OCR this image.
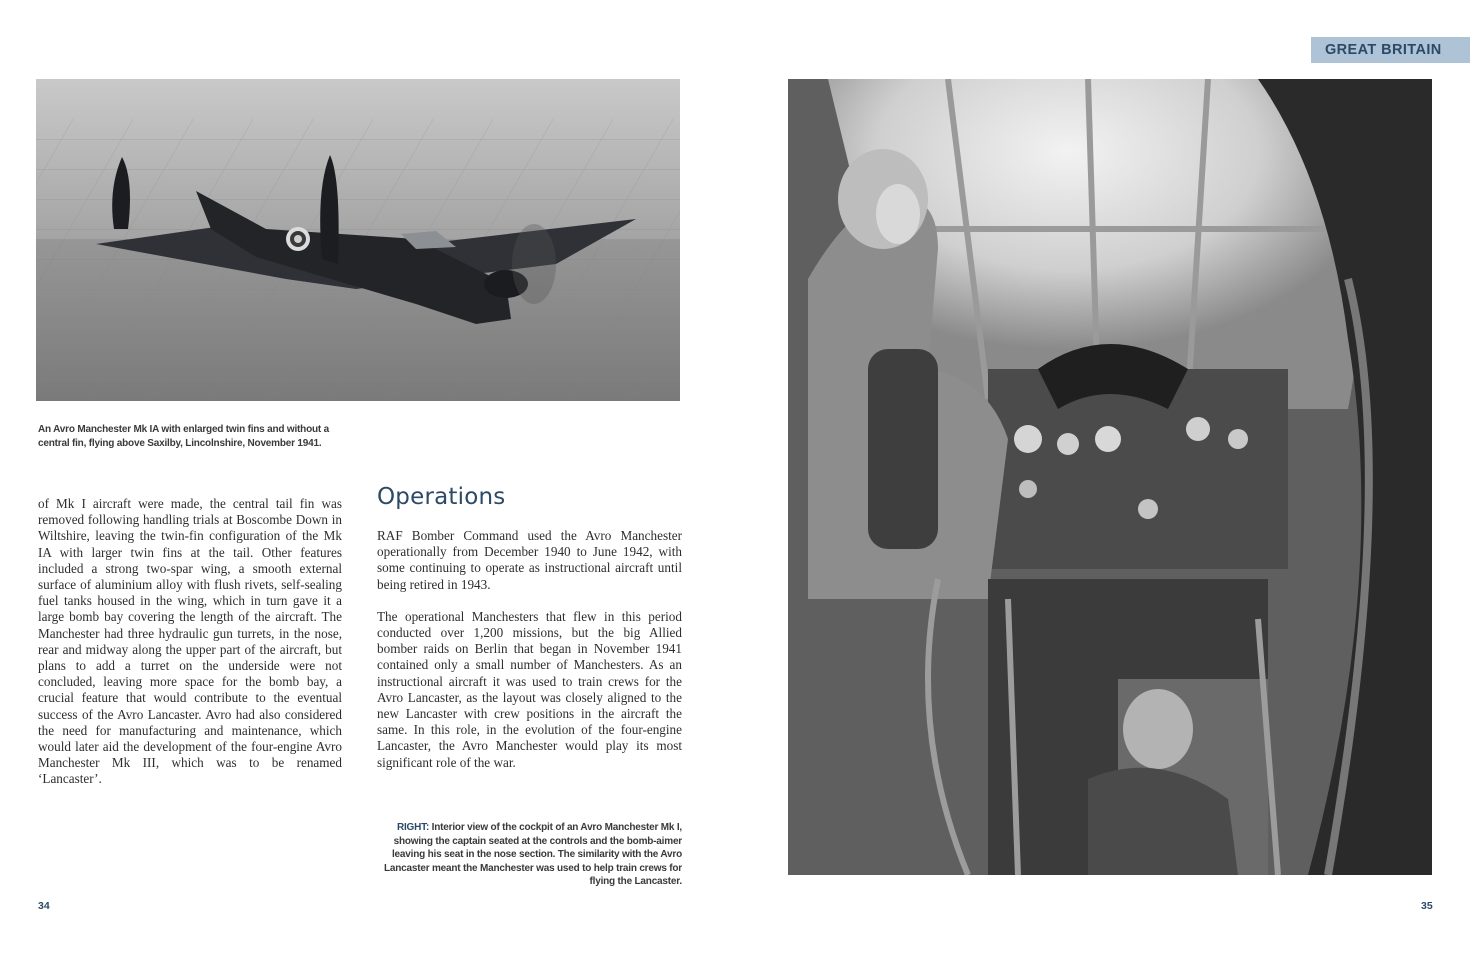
GREAT BRITAIN
An Avro Manchester Mk IA with enlarged twin fins and without a central fin, flying above Saxilby, Lincolnshire, November 1941.

of Mk I aircraft were made, the central tail fin was removed following handling trials at Boscombe Down in Wiltshire, leaving the twin-fin configuration of the Mk IA with larger twin fins at the tail. Other features included a strong two-spar wing, a smooth external surface of aluminium alloy with flush rivets, self-sealing fuel tanks housed in the wing, which in turn gave it a large bomb bay covering the length of the aircraft. The Manchester had three hydraulic gun turrets, in the nose, rear and midway along the upper part of the aircraft, but plans to add a turret on the underside were not concluded, leaving more space for the bomb bay, a crucial feature that would contribute to the eventual success of the Avro Lancaster. Avro had also considered the need for manufacturing and maintenance, which would later aid the development of the four-engine Avro Manchester Mk III, which was to be renamed ‘Lancaster’.

Operations

RAF Bomber Command used the Avro Manchester operationally from December 1940 to June 1942, with some continuing to operate as instructional aircraft until being retired in 1943.

The operational Manchesters that flew in this period conducted over 1,200 missions, but the big Allied bomber raids on Berlin that began in November 1941 contained only a small number of Manchesters. As an instructional aircraft it was used to train crews for the Avro Lancaster, as the layout was closely aligned to the new Lancaster with crew positions in the aircraft the same. In this role, in the evolution of the four-engine Lancaster, the Avro Manchester would play its most significant role of the war.

RIGHT: Interior view of the cockpit of an Avro Manchester Mk I, showing the captain seated at the controls and the bomb-aimer leaving his seat in the nose section. The similarity with the Avro Lancaster meant the Manchester was used to help train crews for flying the Lancaster.
34	35
